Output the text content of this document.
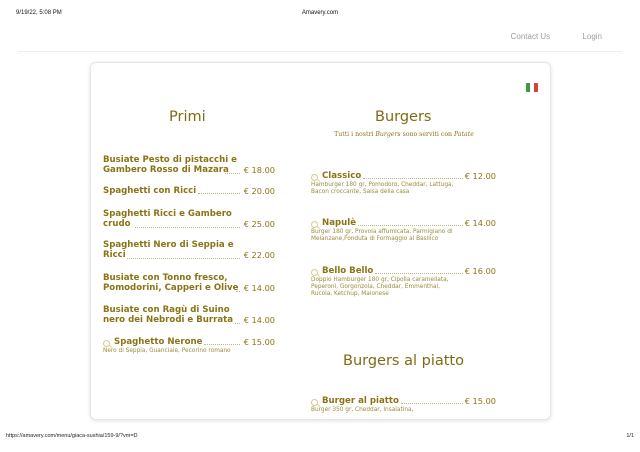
9/19/22, 5:08 PM	Amavery.com
Contact Us	Login
Primi
Busiate Pesto di pistacchi e Gambero Rosso di Mazara	€ 18.00
Spaghetti con Ricci	€ 20.00
Spaghetti Ricci e Gambero crudo	€ 25.00
Spaghetti Nero di Seppia e Ricci	€ 22.00
Busiate con Tonno fresco, Pomodorini, Capperi e Olive € 14.00
Busiate con Ragù di Suino nero dei Nebrodi e Burrata	€ 14.00
Spaghetto Nerone	€ 15.00
Nero di Seppia, Guanciale, Pecorino romano
Burgers
Tutti i nostri Burgers sono serviti con Patate
Classico	€ 12.00
Hamburger 180 gr, Pomodoro, Cheddar, Lattuga, Bacon croccante, Salsa della casa
Napulè	€ 14.00
Burger 180 gr, Provola affumicata, Parmigiano di Melanzane,Fonduta di Formaggio al Basilico
Bello Bello	€ 16.00
Doppio Hamburger 180 gr, Cipolla caramellata, Peperoni, Gorgonzola, Cheddar, Emmenthal, Rucola, Ketchup, Maionese
Burgers al piatto
Burger al piatto	€ 15.00
Burger 350 gr, Cheddar, Insalatina,
https://amavery.com/menu/giaca-sushia/159-9/?vm=D	1/1
